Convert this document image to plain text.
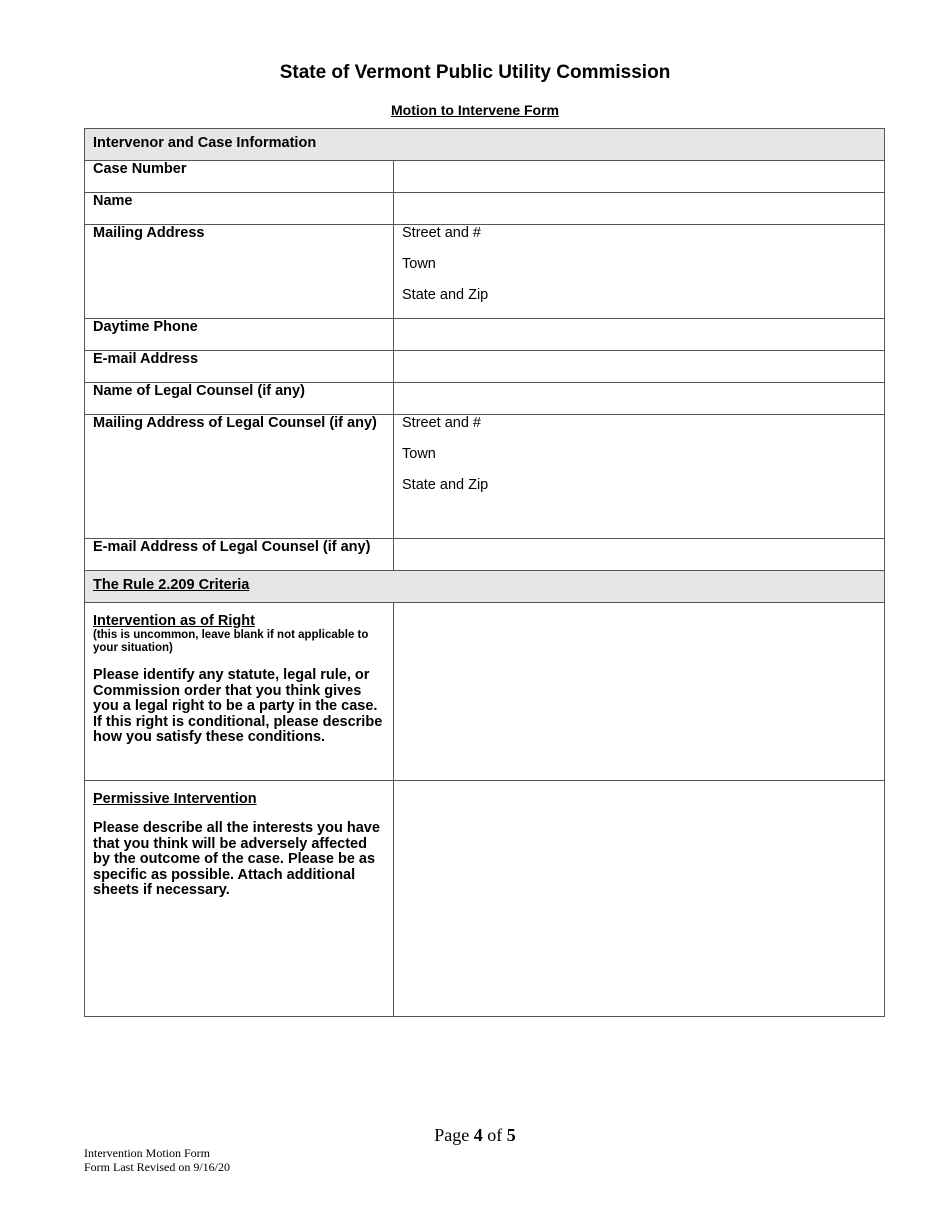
State of Vermont Public Utility Commission
Motion to Intervene Form
Intervenor and Case Information	
Case Number	
Name	
Mailing Address	Street and #
Town
State and Zip

Daytime Phone	
E-mail Address	
Name of Legal Counsel (if any)	
Mailing Address of Legal Counsel (if any)	Street and #
Town
State and Zip

E-mail Address of Legal Counsel (if any)	
The Rule 2.209 Criteria	

Intervention as of Right
(this is uncommon, leave blank if not applicable to your situation)
Please identify any statute, legal rule, or Commission order that you think gives you a legal right to be a party in the case. If this right is conditional, please describe how you satisfy these conditions.	

Permissive Intervention
Please describe all the interests you have that you think will be adversely affected by the outcome of the case. Please be as specific as possible. Attach additional sheets if necessary.	

Page 4 of 5
Intervention Motion Form
Form Last Revised on 9/16/20
